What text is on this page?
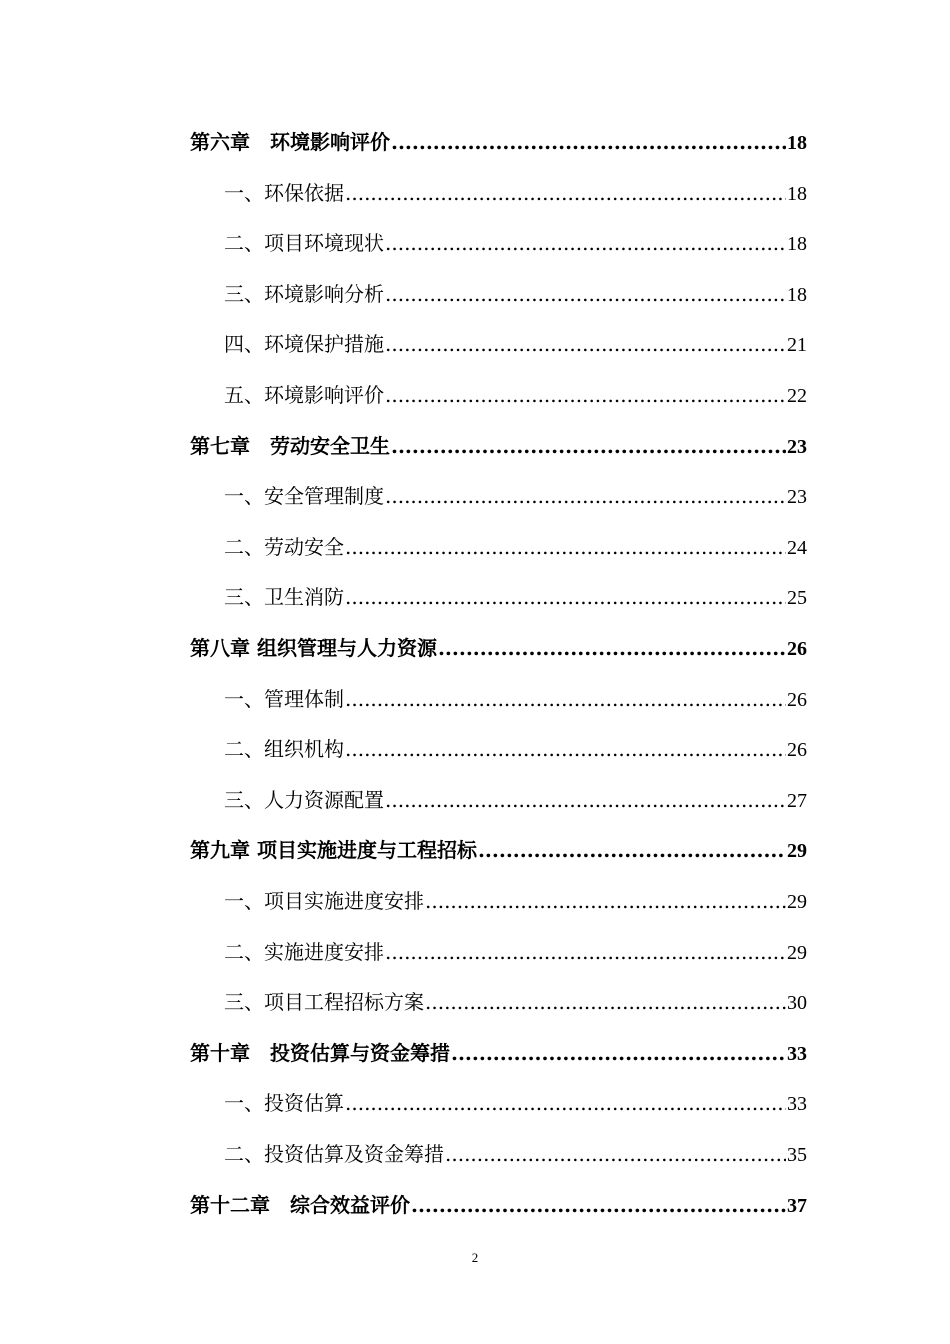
第六章　环境影响评价 .....	18
一、环保依据 .....	18
二、项目环境现状 .....	18
三、环境影响分析 .....	18
四、环境保护措施 .....	21
五、环境影响评价 .....	22
第七章　劳动安全卫生 .....	23
一、安全管理制度 .....	23
二、劳动安全 .....	24
三、卫生消防 .....	25
第八章 组织管理与人力资源 .....	26
一、管理体制 .....	26
二、组织机构 .....	26
三、人力资源配置 .....	27
第九章 项目实施进度与工程招标 .....	29
一、项目实施进度安排 .....	29
二、实施进度安排 .....	29
三、项目工程招标方案 .....	30
第十章　投资估算与资金筹措 .....	33
一、投资估算 .....	33
二、投资估算及资金筹措 .....	35
第十二章　综合效益评价 .....	37
2
